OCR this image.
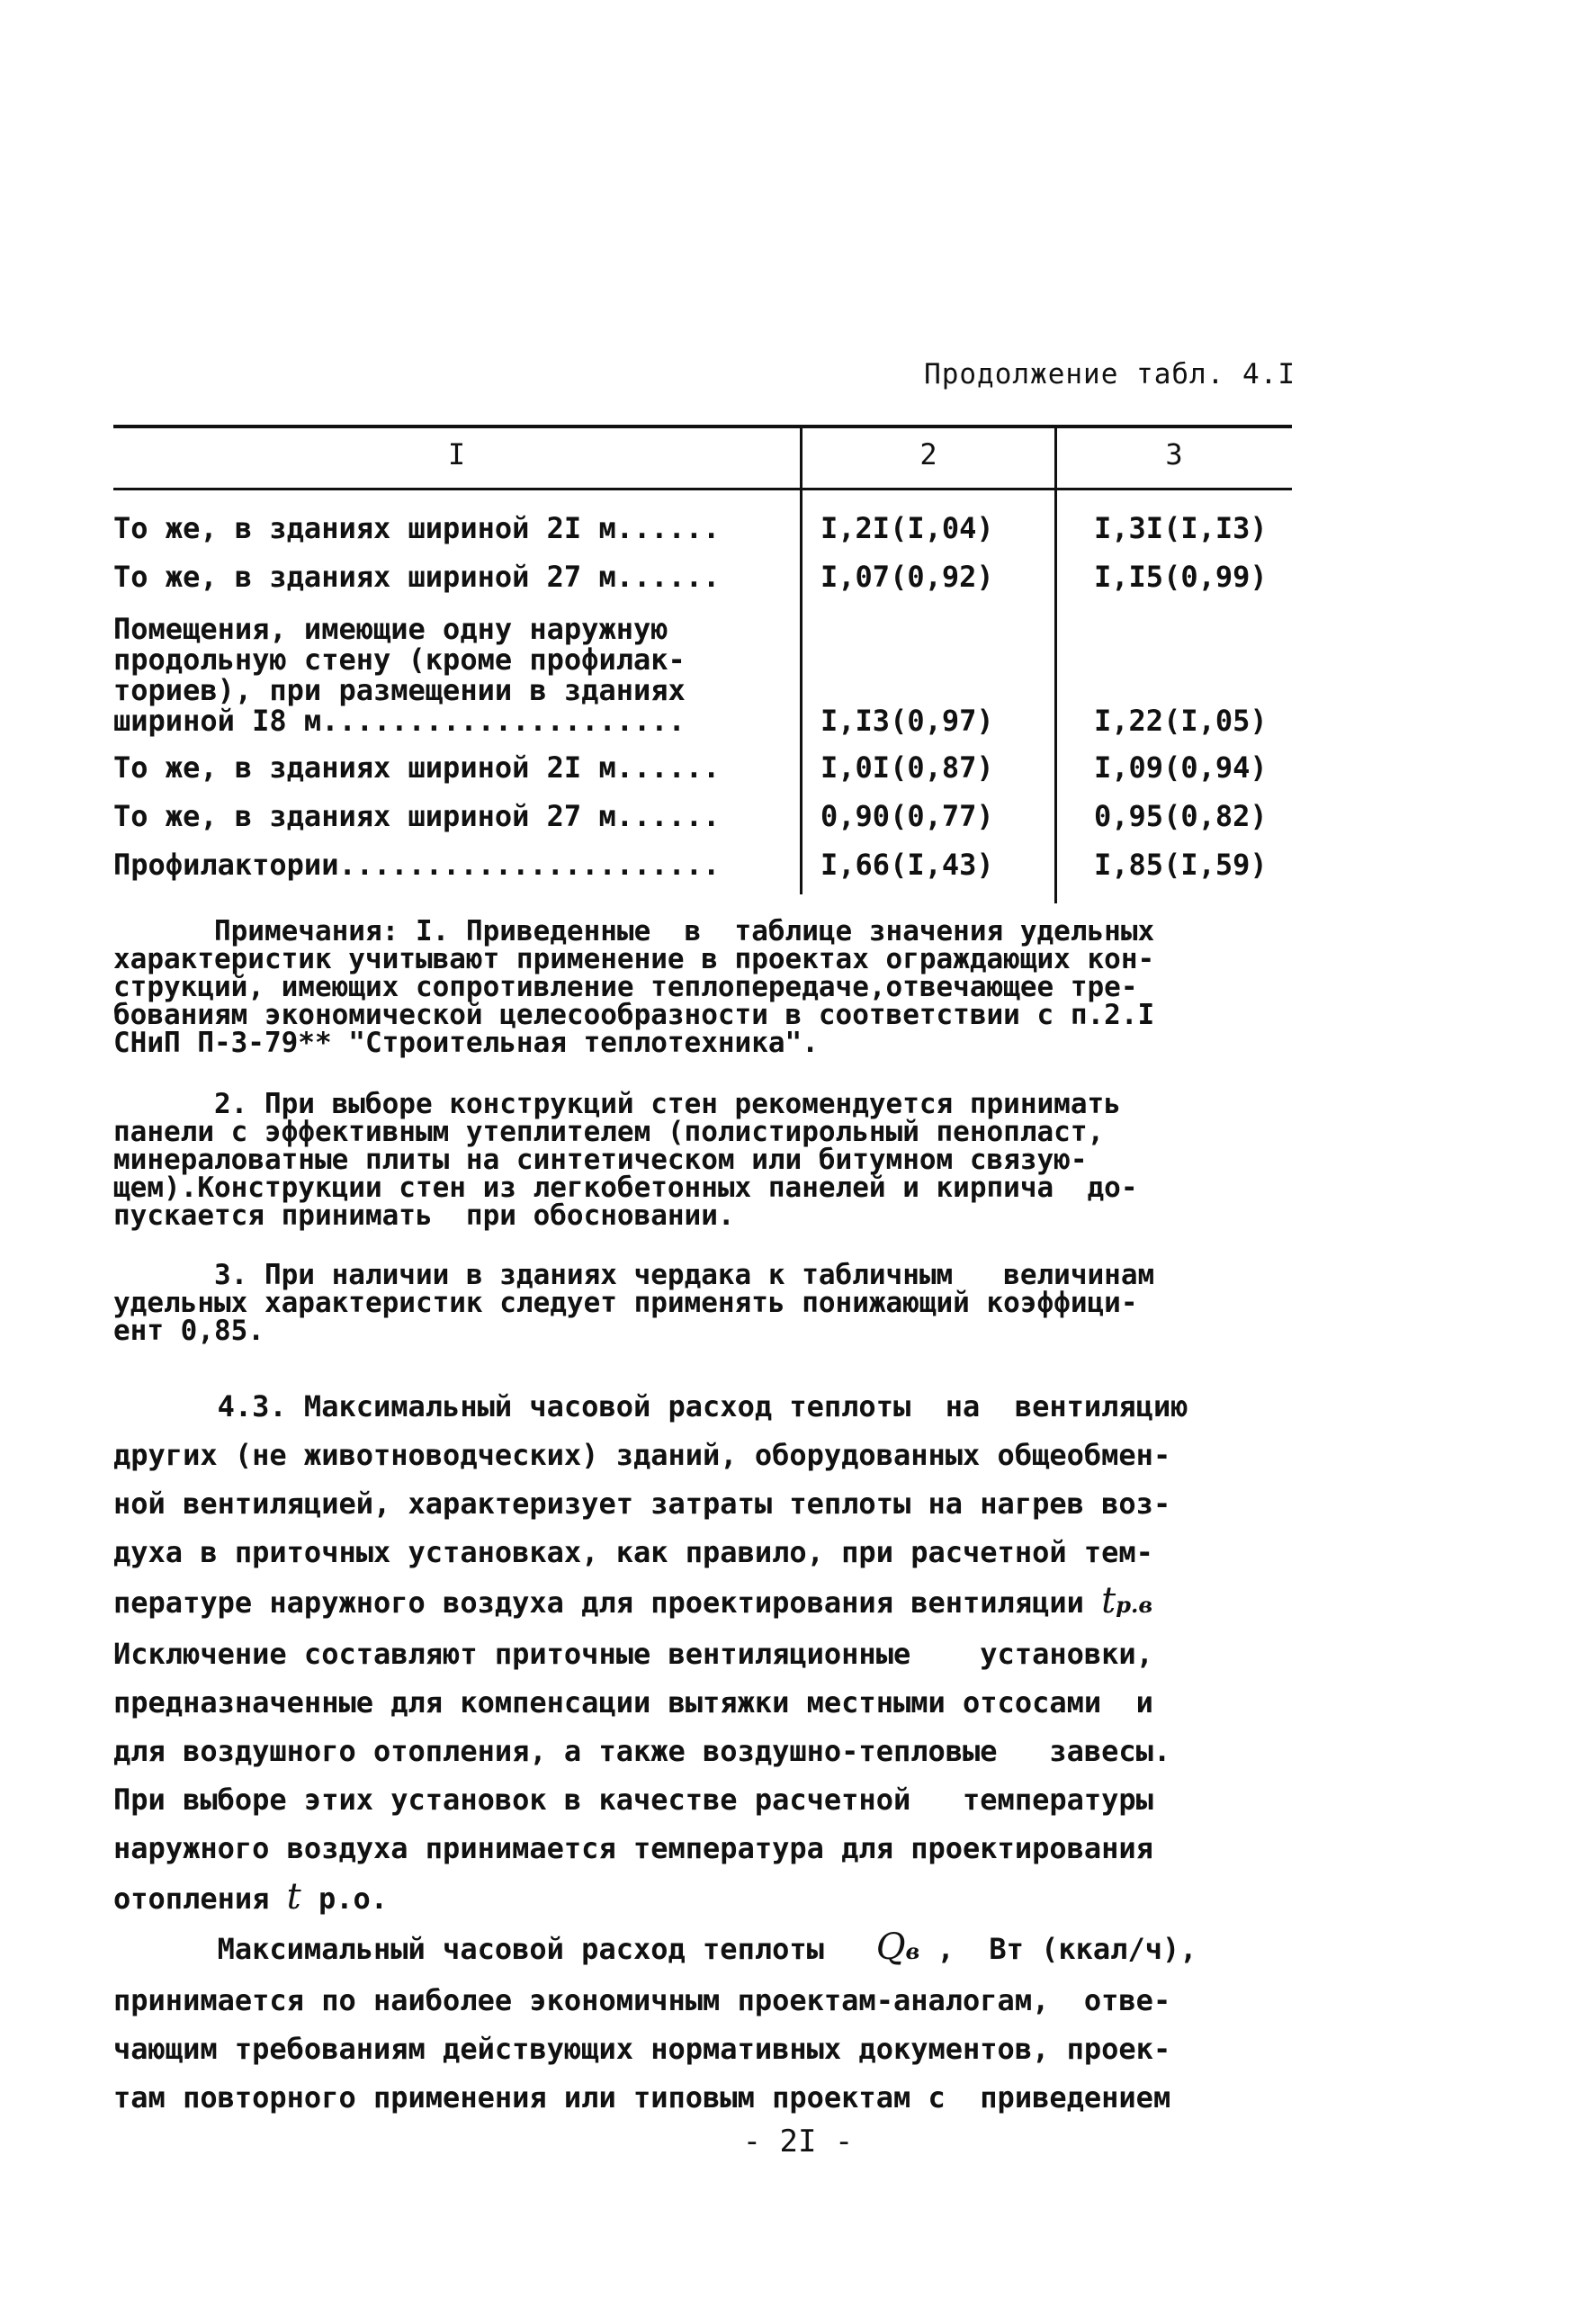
Продолжение табл. 4.I
I	2	3
То же, в зданиях шириной 2I м......	I,2I(I,04)	I,3I(I,I3)
То же, в зданиях шириной 27 м......	I,07(0,92)	I,I5(0,99)
Помещения, имеющие одну наружную
продольную стену (кроме профилак-
ториев), при размещении в зданиях
шириной I8 м.....................	I,I3(0,97)	I,22(I,05)
То же, в зданиях шириной 2I м......	I,0I(0,87)	I,09(0,94)
То же, в зданиях шириной 27 м......	0,90(0,77)	0,95(0,82)
Профилактории......................	I,66(I,43)	I,85(I,59)

Примечания: I. Приведенные  в  таблице значения удельных
характеристик учитывают применение в проектах ограждающих кон-
струкций, имеющих сопротивление теплопередаче,отвечающее тре-
бованиям экономической целесообразности в соответствии с п.2.I
СНиП П-3-79** "Строительная теплотехника".

2. При выборе конструкций стен рекомендуется принимать
панели с эффективным утеплителем (полистирольный пенопласт,
минераловатные плиты на синтетическом или битумном связую-
щем).Конструкции стен из легкобетонных панелей и кирпича  до-
пускается принимать  при обосновании.

3. При наличии в зданиях чердака к табличным   величинам
удельных характеристик следует применять понижающий коэффици-
ент 0,85.

4.3. Максимальный часовой расход теплоты  на  вентиляцию
других (не животноводческих) зданий, оборудованных общеобмен-
ной вентиляцией, характеризует затраты теплоты на нагрев воз-
духа в приточных установках, как правило, при расчетной тем-
пературе наружного воздуха для проектирования вентиляции tр.в
Исключение составляют приточные вентиляционные    установки,
предназначенные для компенсации вытяжки местными отсосами  и
для воздушного отопления, а также воздушно-тепловые   завесы.
При выборе этих установок в качестве расчетной   температуры
наружного воздуха принимается температура для проектирования
отопления t р.о.

Максимальный часовой расход теплоты   Qв ,  Вт (ккал/ч),
принимается по наиболее экономичным проектам-аналогам,  отве-
чающим требованиям действующих нормативных документов, проек-
там повторного применения или типовым проектам с  приведением

- 2I -
